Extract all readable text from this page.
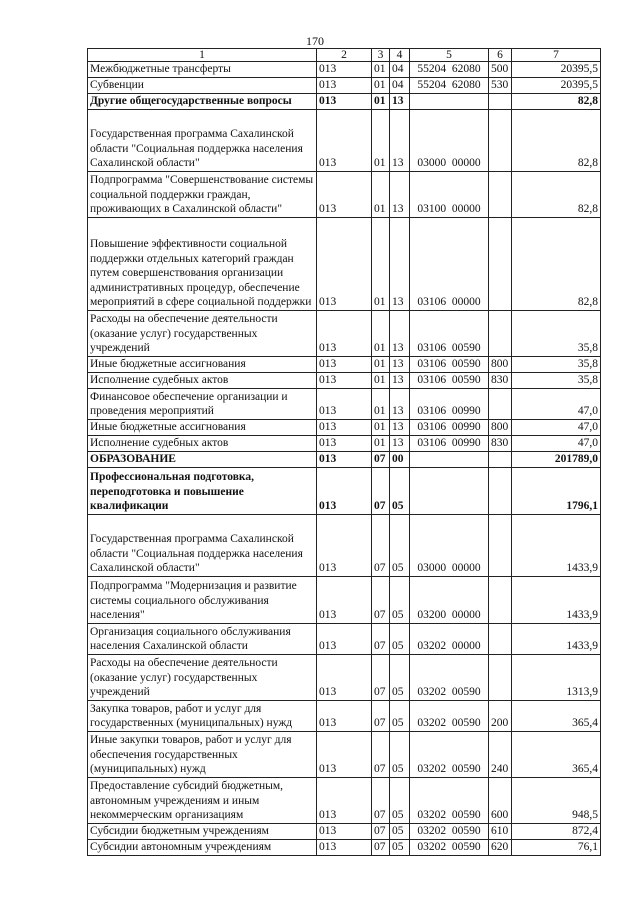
170
1	2	3	4	5	6	7
Межбюджетные трансферты	013	01	04	55204  62080	500	20395,5
Субвенции	013	01	04	55204  62080	530	20395,5
Другие общегосударственные вопросы	013	01	13			82,8
Государственная программа Сахалинской области "Социальная поддержка населения Сахалинской области"	013	01	13	03000  00000		82,8
Подпрограмма "Совершенствование системы социальной поддержки граждан, проживающих в Сахалинской области"	013	01	13	03100  00000		82,8
Повышение эффективности социальной поддержки отдельных категорий граждан путем совершенствования организации административных процедур, обеспечение мероприятий в сфере социальной поддержки	013	01	13	03106  00000		82,8
Расходы на обеспечение деятельности (оказание услуг) государственных учреждений	013	01	13	03106  00590		35,8
Иные бюджетные ассигнования	013	01	13	03106  00590	800	35,8
Исполнение судебных актов	013	01	13	03106  00590	830	35,8
Финансовое обеспечение организации и проведения мероприятий	013	01	13	03106  00990		47,0
Иные бюджетные ассигнования	013	01	13	03106  00990	800	47,0
Исполнение судебных актов	013	01	13	03106  00990	830	47,0
ОБРАЗОВАНИЕ	013	07	00			201789,0
Профессиональная подготовка, переподготовка и повышение квалификации	013	07	05			1796,1
Государственная программа Сахалинской области "Социальная поддержка населения Сахалинской области"	013	07	05	03000  00000		1433,9
Подпрограмма "Модернизация и развитие системы социального обслуживания населения"	013	07	05	03200  00000		1433,9
Организация социального обслуживания населения Сахалинской области	013	07	05	03202  00000		1433,9
Расходы на обеспечение деятельности (оказание услуг) государственных учреждений	013	07	05	03202  00590		1313,9
Закупка товаров, работ и услуг для государственных (муниципальных) нужд	013	07	05	03202  00590	200	365,4
Иные закупки товаров, работ и услуг для обеспечения государственных (муниципальных) нужд	013	07	05	03202  00590	240	365,4
Предоставление субсидий бюджетным, автономным учреждениям и иным некоммерческим организациям	013	07	05	03202  00590	600	948,5
Субсидии бюджетным учреждениям	013	07	05	03202  00590	610	872,4
Субсидии автономным учреждениям	013	07	05	03202  00590	620	76,1
